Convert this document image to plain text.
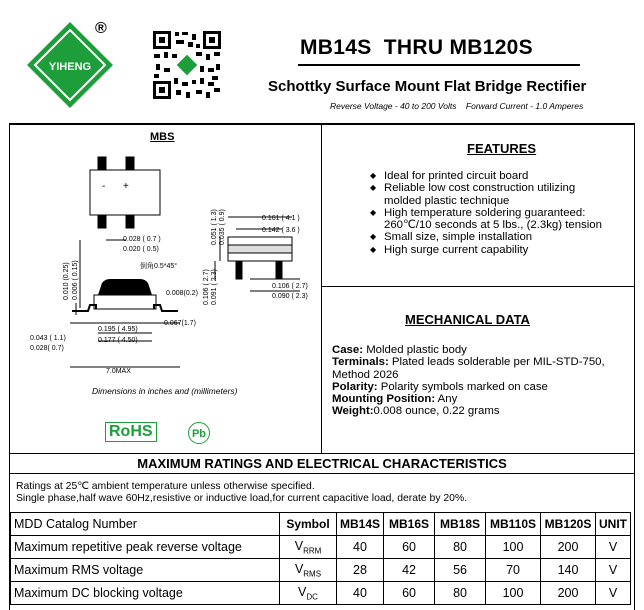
YIHENG
®
MB14S  THRU MB120S
Schottky Surface Mount Flat Bridge Rectifier
Reverse Voltage - 40 to 200 Volts    Forward Current - 1.0 Amperes
MBS
- +
0.028 ( 0.7 )
0.020 ( 0.5)
0.010 (0.25) 0.006 ( 0.15)	倒角0.5*45°
0.008(0.2)
0.067(1.7)
0.043 ( 1.1)
0.028( 0.7)
0.195 ( 4.95)
0.177 ( 4.50)
7.0MAX
0.161 ( 4.1 )
0.142 ( 3.6 )
0.051 ( 1.3) 0.035 ( 0.9)
0.106 ( 2.7) 0.091 ( 2.3)	0.106 ( 2.7)
0.090 ( 2.3)
Dimensions in inches and (millimeters)
RoHS	Pb
FEATURES
◆ Ideal for printed circuit board
◆ Reliable low cost construction utilizing
molded plastic technique
◆ High temperature soldering guaranteed:
260℃/10 seconds at 5 lbs., (2.3kg) tension
◆ Small size, simple installation
◆ High surge current capability
MECHANICAL DATA
Case: Molded plastic body
Terminals: Plated leads solderable per MIL-STD-750,
Method 2026
Polarity: Polarity symbols marked on case
Mounting Position: Any
Weight:0.008 ounce, 0.22 grams
MAXIMUM RATINGS AND ELECTRICAL CHARACTERISTICS
Ratings at 25℃ ambient temperature unless otherwise specified.
Single phase,half wave 60Hz,resistive or inductive load,for current capacitive load, derate by 20%.
MDD Catalog Number	Symbol	MB14S	MB16S	MB18S	MB110S	MB120S	UNIT
Maximum repetitive peak reverse voltage	$V_{RRM}$	40	60	80	100	200	V
Maximum RMS voltage	$V_{RMS}$	28	42	56	70	140	V
Maximum DC blocking voltage	$V_{DC}$	40	60	80	100	200	V
